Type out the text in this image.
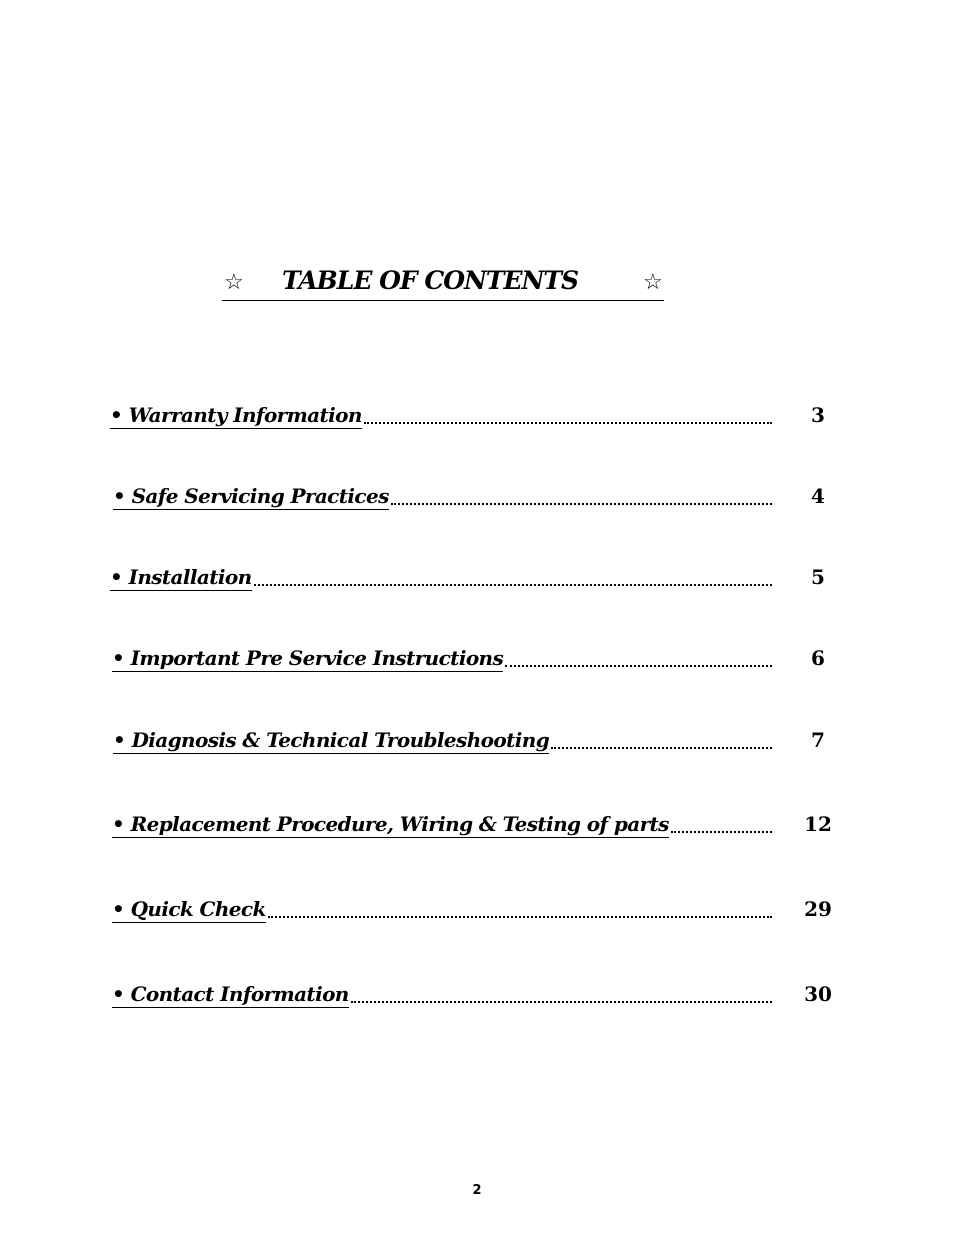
☆ TABLE OF CONTENTS	☆
• Warranty Information	3
• Safe Servicing Practices	4
• Installation	5
• Important Pre Service Instructions	6
• Diagnosis & Technical Troubleshooting	7
• Replacement Procedure, Wiring & Testing of parts	12
• Quick Check	29
• Contact Information	30
2
